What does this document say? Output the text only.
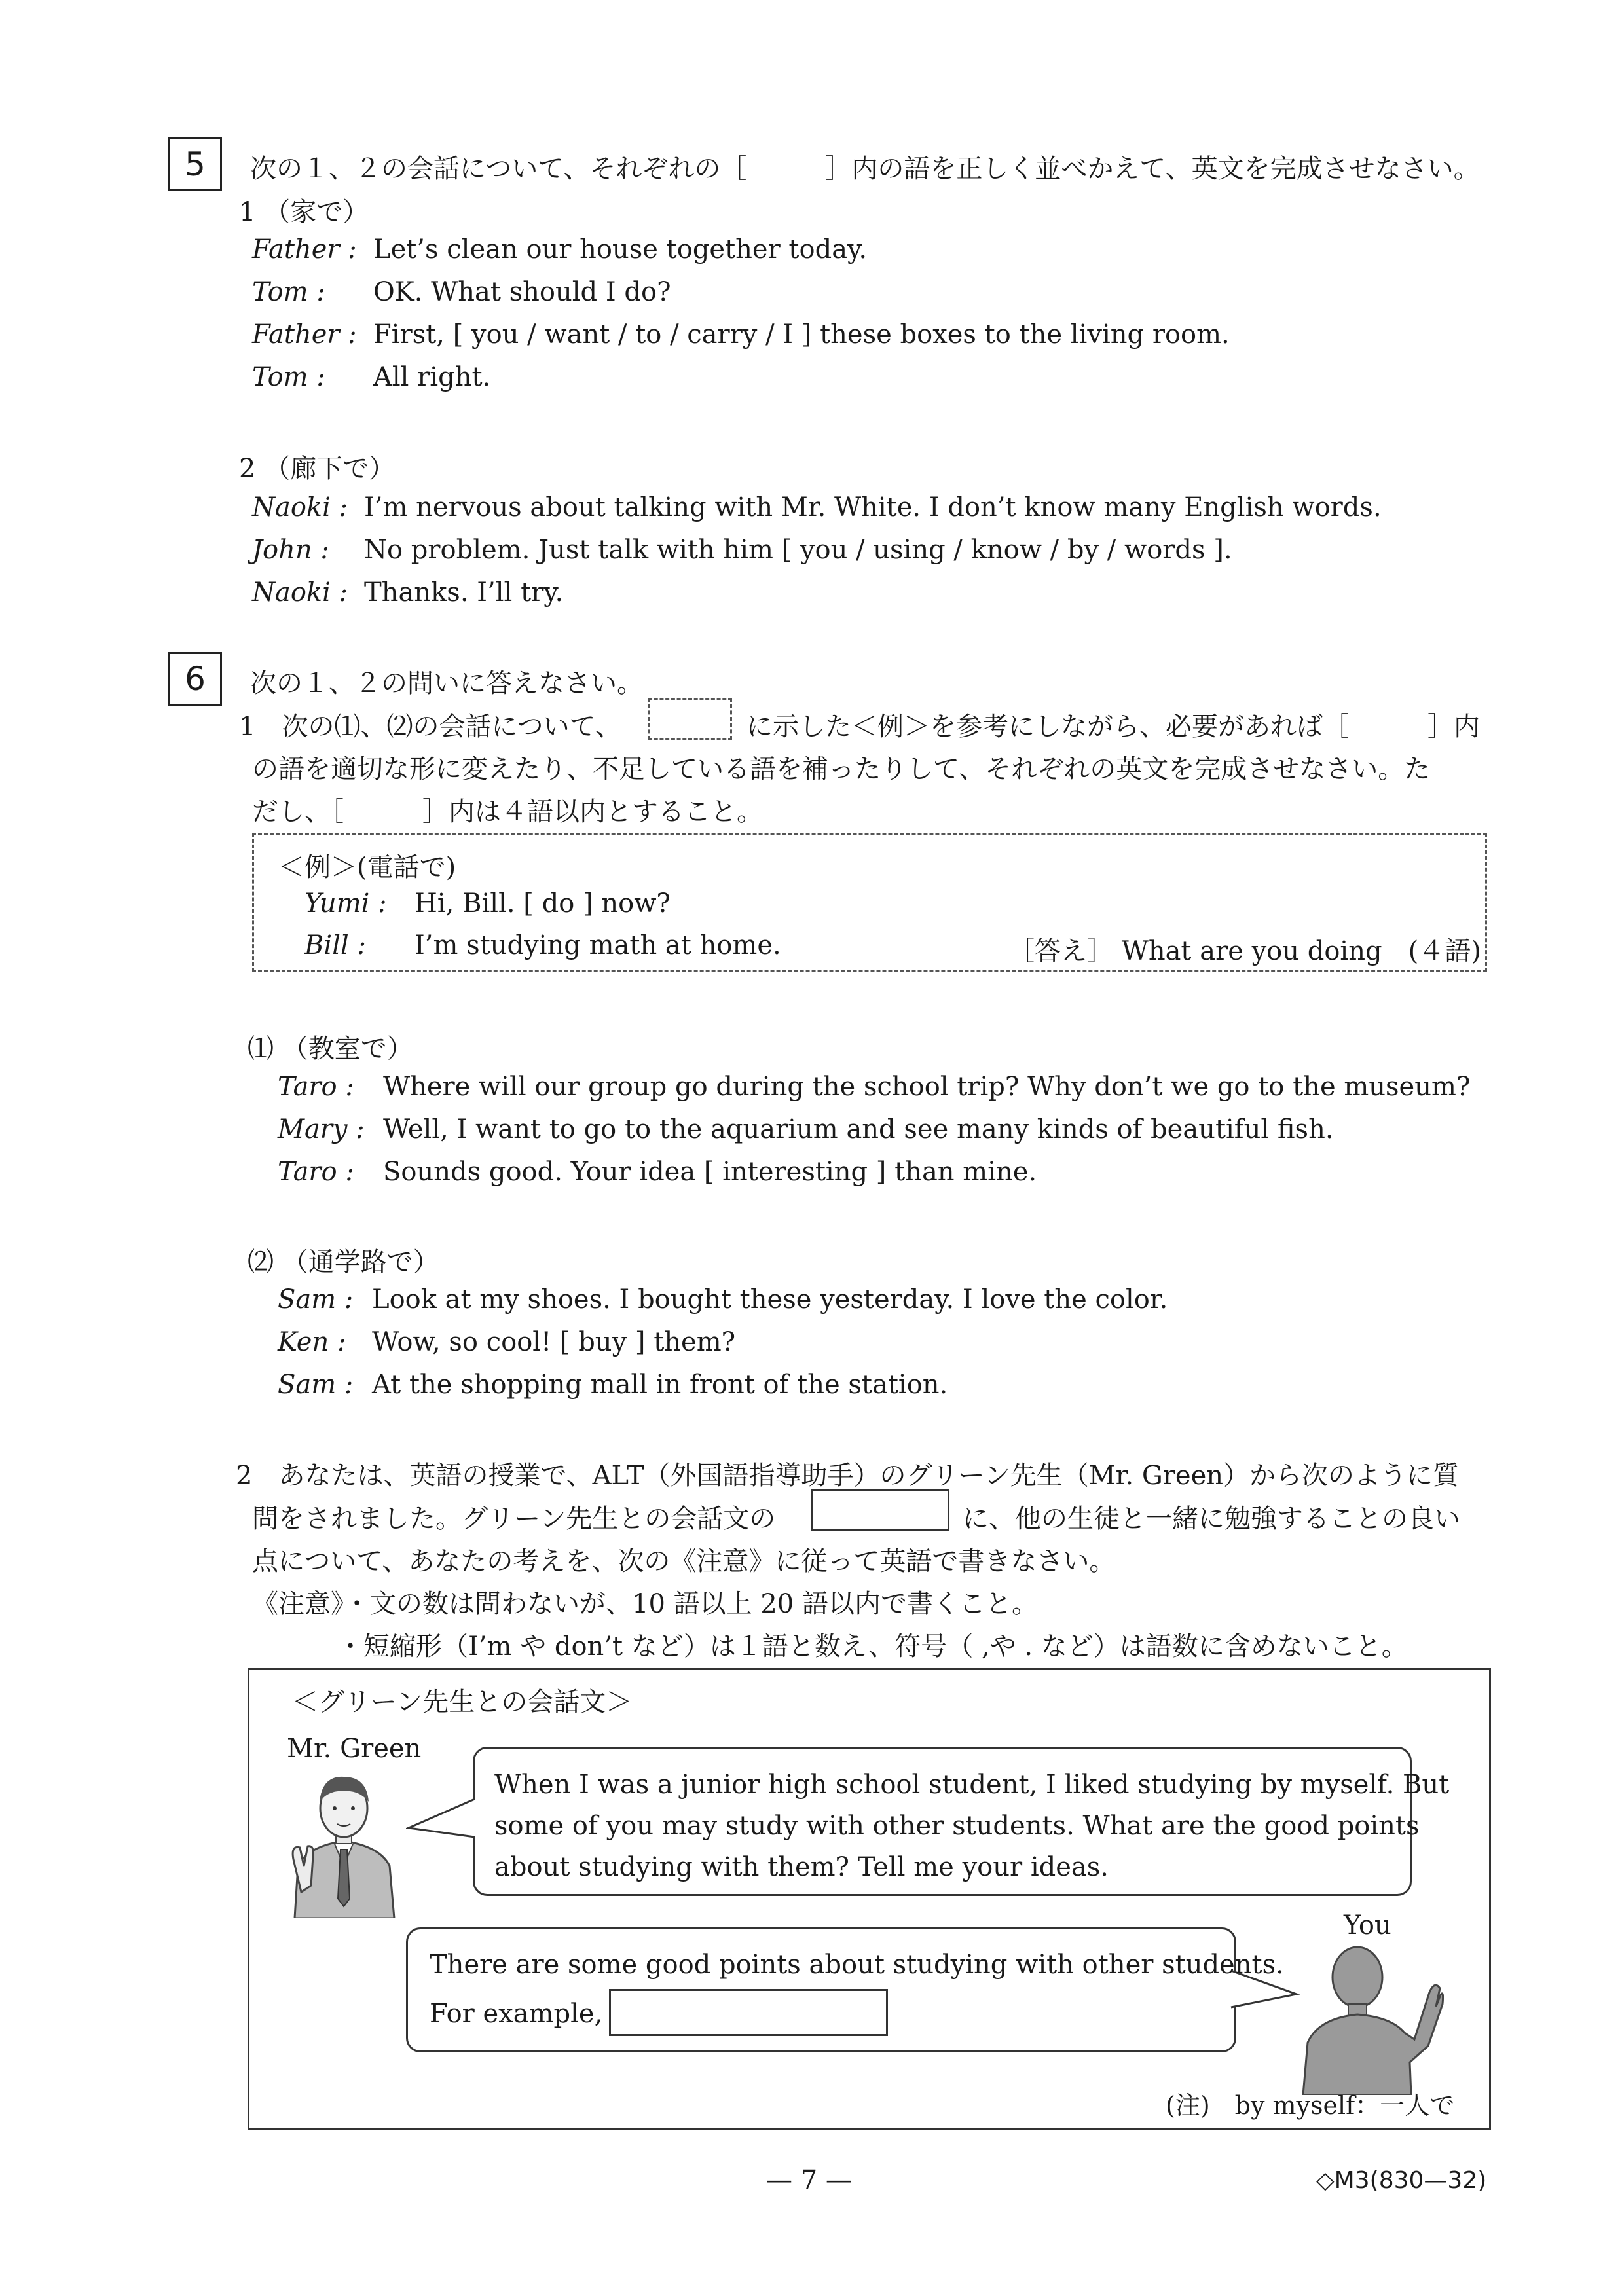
5	次の１、２の会話について、それぞれの［　　　］内の語を正しく並べかえて、英文を完成させなさい。
1 （家で）
Father : Let’s clean our house together today.
Tom : OK. What should I do?
Father : First, [ you / want / to / carry / I ] these boxes to the living room.
Tom : All right.
2 （廊下で）
Naoki : I’m nervous about talking with Mr. White. I don’t know many English words.
John : No problem. Just talk with him [ you / using / know / by / words ].
Naoki : Thanks. I’ll try.
6	次の１、２の問いに答えなさい。
1　次の⑴、⑵の会話について、	に示した＜例＞を参考にしながら、必要があれば［　　　］内
の語を適切な形に変えたり、不足している語を補ったりして、それぞれの英文を完成させなさい。た
だし、［　　　］内は４語以内とすること。
＜例＞(電話で)
Yumi : Hi, Bill. [ do ] now?
Bill : I’m studying math at home.	［答え］ What are you doing　(４語)
⑴ （教室で）
Taro : Where will our group go during the school trip? Why don’t we go to the museum?
Mary : Well, I want to go to the aquarium and see many kinds of beautiful fish.
Taro : Sounds good. Your idea [ interesting ] than mine.
⑵ （通学路で）
Sam : Look at my shoes. I bought these yesterday. I love the color.
Ken : Wow, so cool! [ buy ] them?
Sam : At the shopping mall in front of the station.
2　あなたは、英語の授業で、ALT（外国語指導助手）のグリーン先生（Mr. Green）から次のように質
問をされました。グリーン先生との会話文の	に、他の生徒と一緒に勉強することの良い
点について、あなたの考えを、次の《注意》に従って英語で書きなさい。
《注意》・文の数は問わないが、10 語以上 20 語以内で書くこと。
・短縮形（I’m や don’t など）は１語と数え、符号（ ,や . など）は語数に含めないこと。
＜グリーン先生との会話文＞
Mr. Green
When I was a junior high school student, I liked studying by myself. But
some of you may study with other students. What are the good points
about studying with them? Tell me your ideas.
You
There are some good points about studying with other students.
For example,
(注)　by myself：一人で
— 7 —	◇M3(830—32)
